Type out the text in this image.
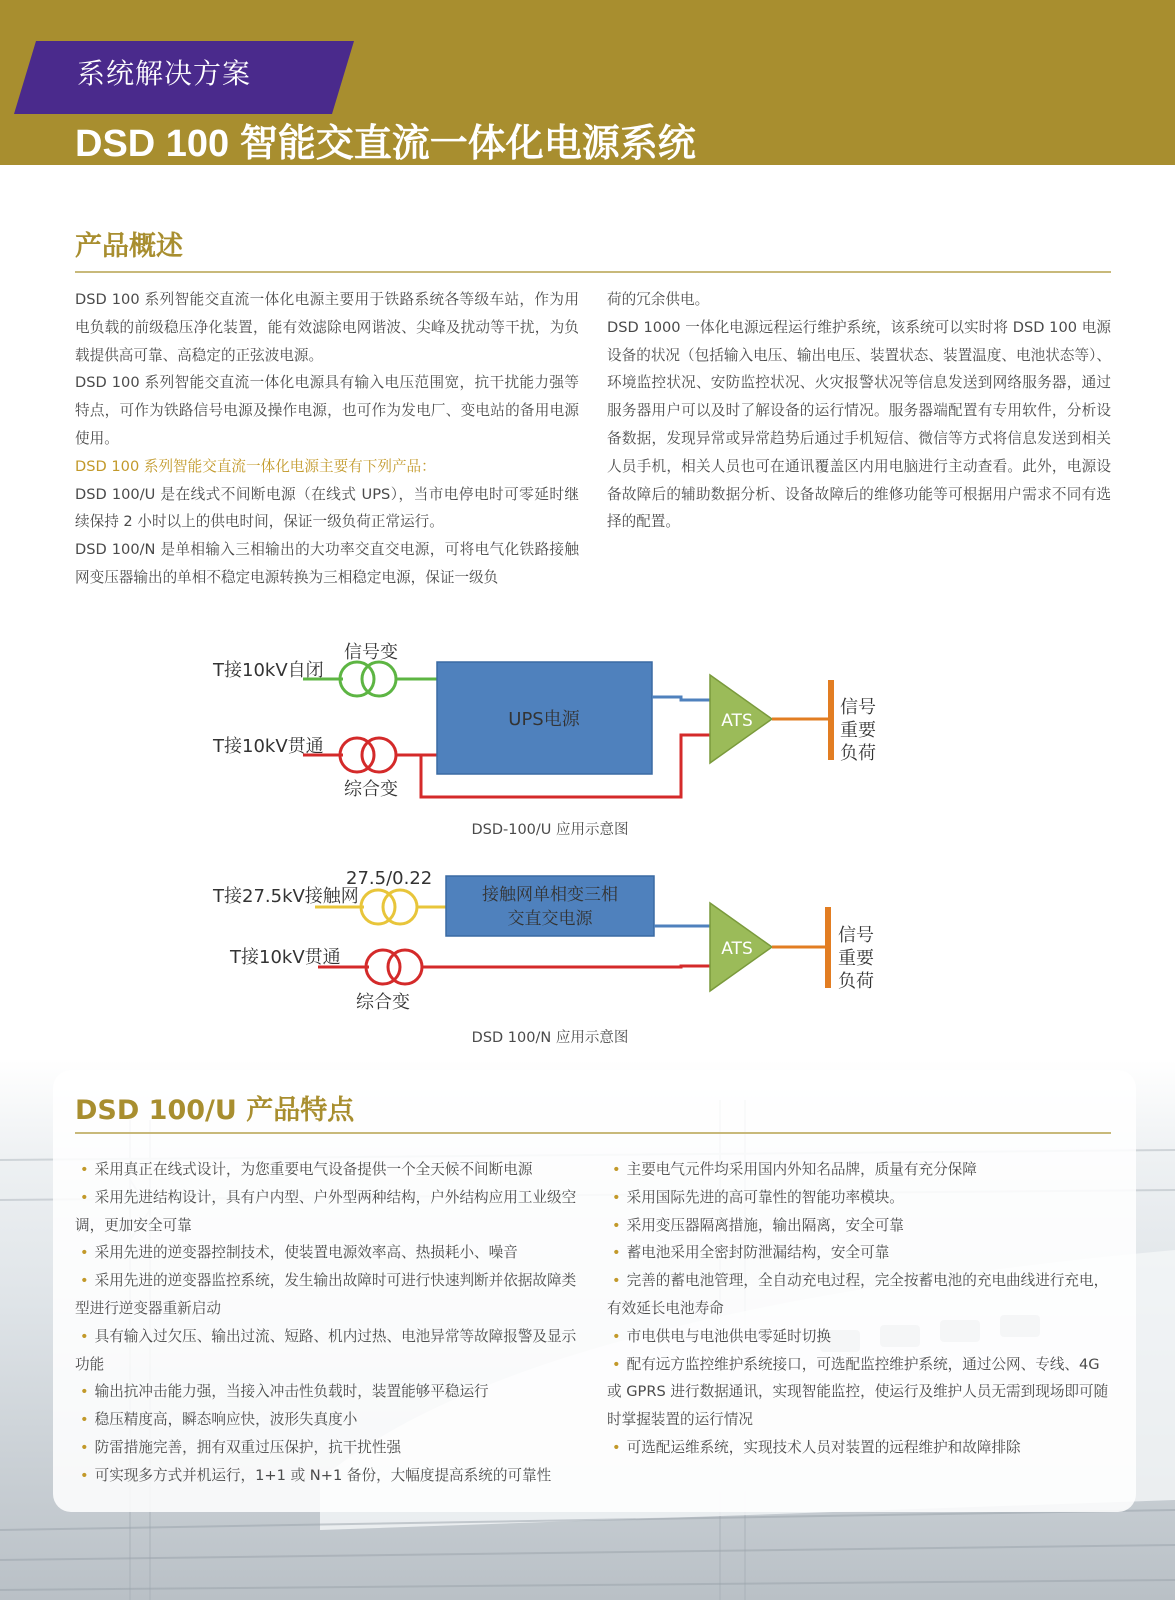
系统解决方案
DSD 100 智能交直流一体化电源系统
产品概述

DSD 100 系列智能交直流一体化电源主要用于铁路系统各等级车站，作为用电负载的前级稳压净化装置，能有效滤除电网谐波、尖峰及扰动等干扰，为负载提供高可靠、高稳定的正弦波电源。

DSD 100 系列智能交直流一体化电源具有输入电压范围宽，抗干扰能力强等特点，可作为铁路信号电源及操作电源，也可作为发电厂、变电站的备用电源使用。

DSD 100 系列智能交直流一体化电源主要有下列产品：

DSD 100/U 是在线式不间断电源（在线式 UPS），当市电停电时可零延时继续保持 2 小时以上的供电时间，保证一级负荷正常运行。

DSD 100/N 是单相输入三相输出的大功率交直交电源，可将电气化铁路接触网变压器输出的单相不稳定电源转换为三相稳定电源，保证一级负

荷的冗余供电。

DSD 1000 一体化电源远程运行维护系统，该系统可以实时将 DSD 100 电源设备的状况（包括输入电压、输出电压、装置状态、装置温度、电池状态等）、环境监控状况、安防监控状况、火灾报警状况等信息发送到网络服务器，通过服务器用户可以及时了解设备的运行情况。服务器端配置有专用软件，分析设备数据，发现异常或异常趋势后通过手机短信、微信等方式将信息发送到相关人员手机，相关人员也可在通讯覆盖区内用电脑进行主动查看。此外，电源设备故障后的辅助数据分析、设备故障后的维修功能等可根据用户需求不同有选择的配置。

T接10kV自闭
信号变
T接10kV贯通
综合变
UPS电源	ATS
信号
重要
负荷
T接27.5kV接触网
27.5/0.22
T接10kV贯通
综合变
接触网单相变三相
交直交电源
ATS
信号
重要
负荷
DSD-100/U 应用示意图
DSD 100/N 应用示意图
DSD 100/U 产品特点
• 采用真正在线式设计，为您重要电气设备提供一个全天候不间断电源
• 采用先进结构设计，具有户内型、户外型两种结构，户外结构应用工业级空调，更加安全可靠
• 采用先进的逆变器控制技术，使装置电源效率高、热损耗小、噪音
• 采用先进的逆变器监控系统，发生输出故障时可进行快速判断并依据故障类型进行逆变器重新启动
• 具有输入过欠压、输出过流、短路、机内过热、电池异常等故障报警及显示功能
• 输出抗冲击能力强，当接入冲击性负载时，装置能够平稳运行
• 稳压精度高，瞬态响应快，波形失真度小
• 防雷措施完善，拥有双重过压保护，抗干扰性强
• 可实现多方式并机运行，1+1 或 N+1 备份，大幅度提高系统的可靠性
• 主要电气元件均采用国内外知名品牌，质量有充分保障
• 采用国际先进的高可靠性的智能功率模块。
• 采用变压器隔离措施，输出隔离，安全可靠
• 蓄电池采用全密封防泄漏结构，安全可靠
• 完善的蓄电池管理，全自动充电过程，完全按蓄电池的充电曲线进行充电，有效延长电池寿命
• 市电供电与电池供电零延时切换
• 配有远方监控维护系统接口，可选配监控维护系统，通过公网、专线、4G 或 GPRS 进行数据通讯，实现智能监控，使运行及维护人员无需到现场即可随时掌握装置的运行情况
• 可选配运维系统，实现技术人员对装置的远程维护和故障排除
